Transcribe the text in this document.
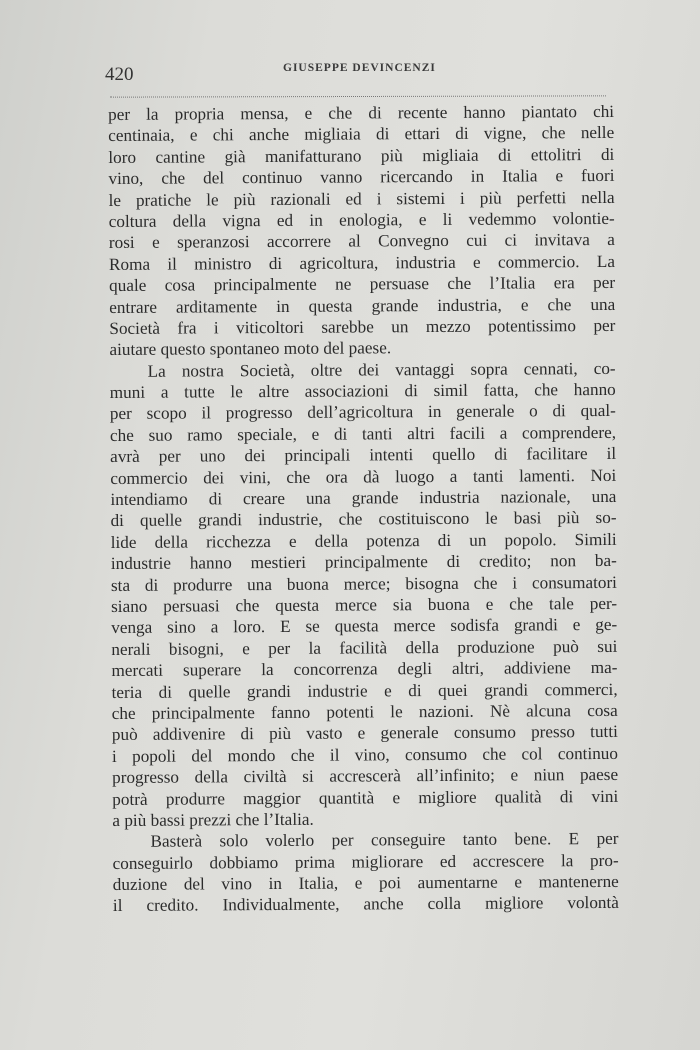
420	GIUSEPPE DEVINCENZI
per la propria mensa, e che di recente hanno piantato chi
centinaia, e chi anche migliaia di ettari di vigne, che nelle
loro cantine già manifatturano più migliaia di ettolitri di
vino, che del continuo vanno ricercando in Italia e fuori
le pratiche le più razionali ed i sistemi i più perfetti nella
coltura della vigna ed in enologia, e li vedemmo volontie-
rosi e speranzosi accorrere al Convegno cui ci invitava a
Roma il ministro di agricoltura, industria e commercio. La
quale cosa principalmente ne persuase che l’Italia era per
entrare arditamente in questa grande industria, e che una
Società fra i viticoltori sarebbe un mezzo potentissimo per
aiutare questo spontaneo moto del paese.
La nostra Società, oltre dei vantaggi sopra cennati, co-
muni a tutte le altre associazioni di simil fatta, che hanno
per scopo il progresso dell’agricoltura in generale o di qual-
che suo ramo speciale, e di tanti altri facili a comprendere,
avrà per uno dei principali intenti quello di facilitare il
commercio dei vini, che ora dà luogo a tanti lamenti. Noi
intendiamo di creare una grande industria nazionale, una
di quelle grandi industrie, che costituiscono le basi più so-
lide della ricchezza e della potenza di un popolo. Simili
industrie hanno mestieri principalmente di credito; non ba-
sta di produrre una buona merce; bisogna che i consumatori
siano persuasi che questa merce sia buona e che tale per-
venga sino a loro. E se questa merce sodisfa grandi e ge-
nerali bisogni, e per la facilità della produzione può sui
mercati superare la concorrenza degli altri, addiviene ma-
teria di quelle grandi industrie e di quei grandi commerci,
che principalmente fanno potenti le nazioni. Nè alcuna cosa
può addivenire di più vasto e generale consumo presso tutti
i popoli del mondo che il vino, consumo che col continuo
progresso della civiltà si accrescerà all’infinito; e niun paese
potrà produrre maggior quantità e migliore qualità di vini
a più bassi prezzi che l’Italia.
Basterà solo volerlo per conseguire tanto bene. E per
conseguirlo dobbiamo prima migliorare ed accrescere la pro-
duzione del vino in Italia, e poi aumentarne e mantenerne
il credito. Individualmente, anche colla migliore volontà
